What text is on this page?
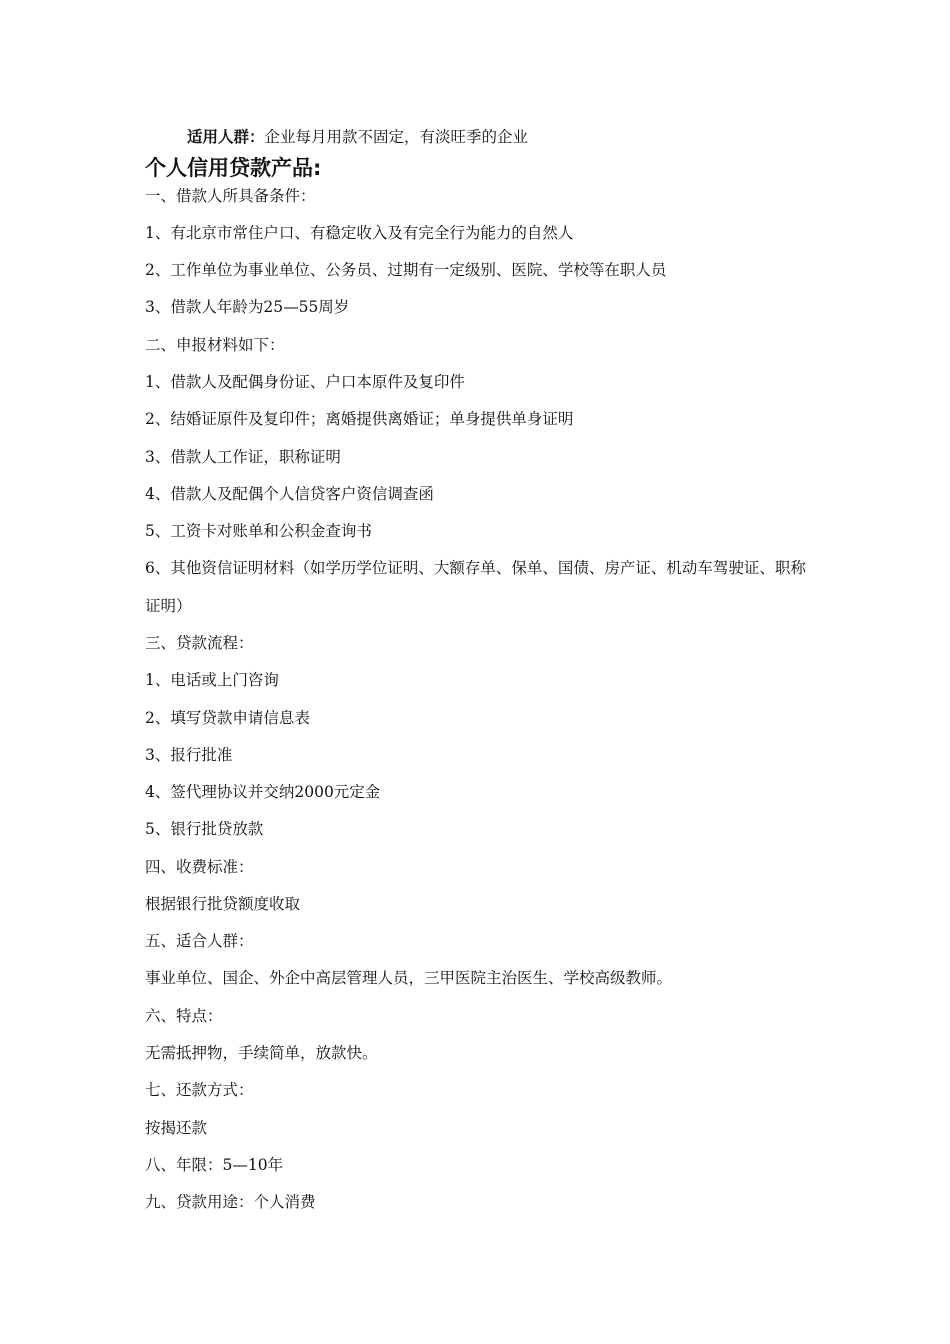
适用人群：企业每月用款不固定，有淡旺季的企业
个人信用贷款产品:
一、借款人所具备条件：
1、有北京市常住户口、有稳定收入及有完全行为能力的自然人
2、工作单位为事业单位、公务员、过期有一定级别、医院、学校等在职人员
3、借款人年龄为25—55周岁
二、申报材料如下：
1、借款人及配偶身份证、户口本原件及复印件
2、结婚证原件及复印件；离婚提供离婚证；单身提供单身证明
3、借款人工作证，职称证明
4、借款人及配偶个人信贷客户资信调查函
5、工资卡对账单和公积金查询书
6、其他资信证明材料（如学历学位证明、大额存单、保单、国债、房产证、机动车驾驶证、职称
证明）
三、贷款流程：
1、电话或上门咨询
2、填写贷款申请信息表
3、报行批准
4、签代理协议并交纳2000元定金
5、银行批贷放款
四、收费标准：
根据银行批贷额度收取
五、适合人群：
事业单位、国企、外企中高层管理人员，三甲医院主治医生、学校高级教师。
六、特点：
无需抵押物，手续简单，放款快。
七、还款方式：
按揭还款
八、年限：5—10年
九、贷款用途：个人消费
